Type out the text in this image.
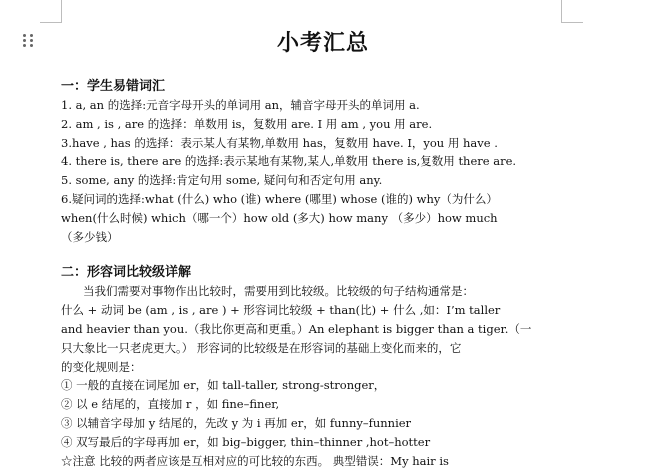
小考汇总

一：学生易错词汇

1. a, an 的选择:元音字母开头的单词用 an，辅音字母开头的单词用 a.

2. am , is , are 的选择：单数用 is，复数用 are. I 用 am , you 用 are.

3.have , has 的选择：表示某人有某物,单数用 has，复数用 have. I，you 用 have .

4. there is, there are 的选择:表示某地有某物,某人,单数用 there is,复数用 there are.

5. some, any 的选择:肯定句用 some, 疑问句和否定句用 any.

6.疑问词的选择:what (什么) who (谁) where (哪里) whose (谁的) why（为什么）

when(什么时候) which（哪一个）how old (多大) how many （多少）how much

（多少钱）

二：形容词比较级详解

当我们需要对事物作出比较时，需要用到比较级。比较级的句子结构通常是：

什么 + 动词 be (am , is , are ) + 形容词比较级 + than(比) + 什么 ,如：I’m taller

and heavier than you.（我比你更高和更重。）An elephant is bigger than a tiger.（一

只大象比一只老虎更大。） 形容词的比较级是在形容词的基础上变化而来的，它

的变化规则是：

① 一般的直接在词尾加 er，如 tall-taller, strong-stronger，

② 以 e 结尾的，直接加 r ，如 fine–finer,

③ 以辅音字母加 y 结尾的，先改 y 为 i 再加 er，如 funny–funnier

④ 双写最后的字母再加 er，如 big–bigger, thin–thinner ,hot–hotter

☆注意 比较的两者应该是互相对应的可比较的东西。 典型错误：My hair is
